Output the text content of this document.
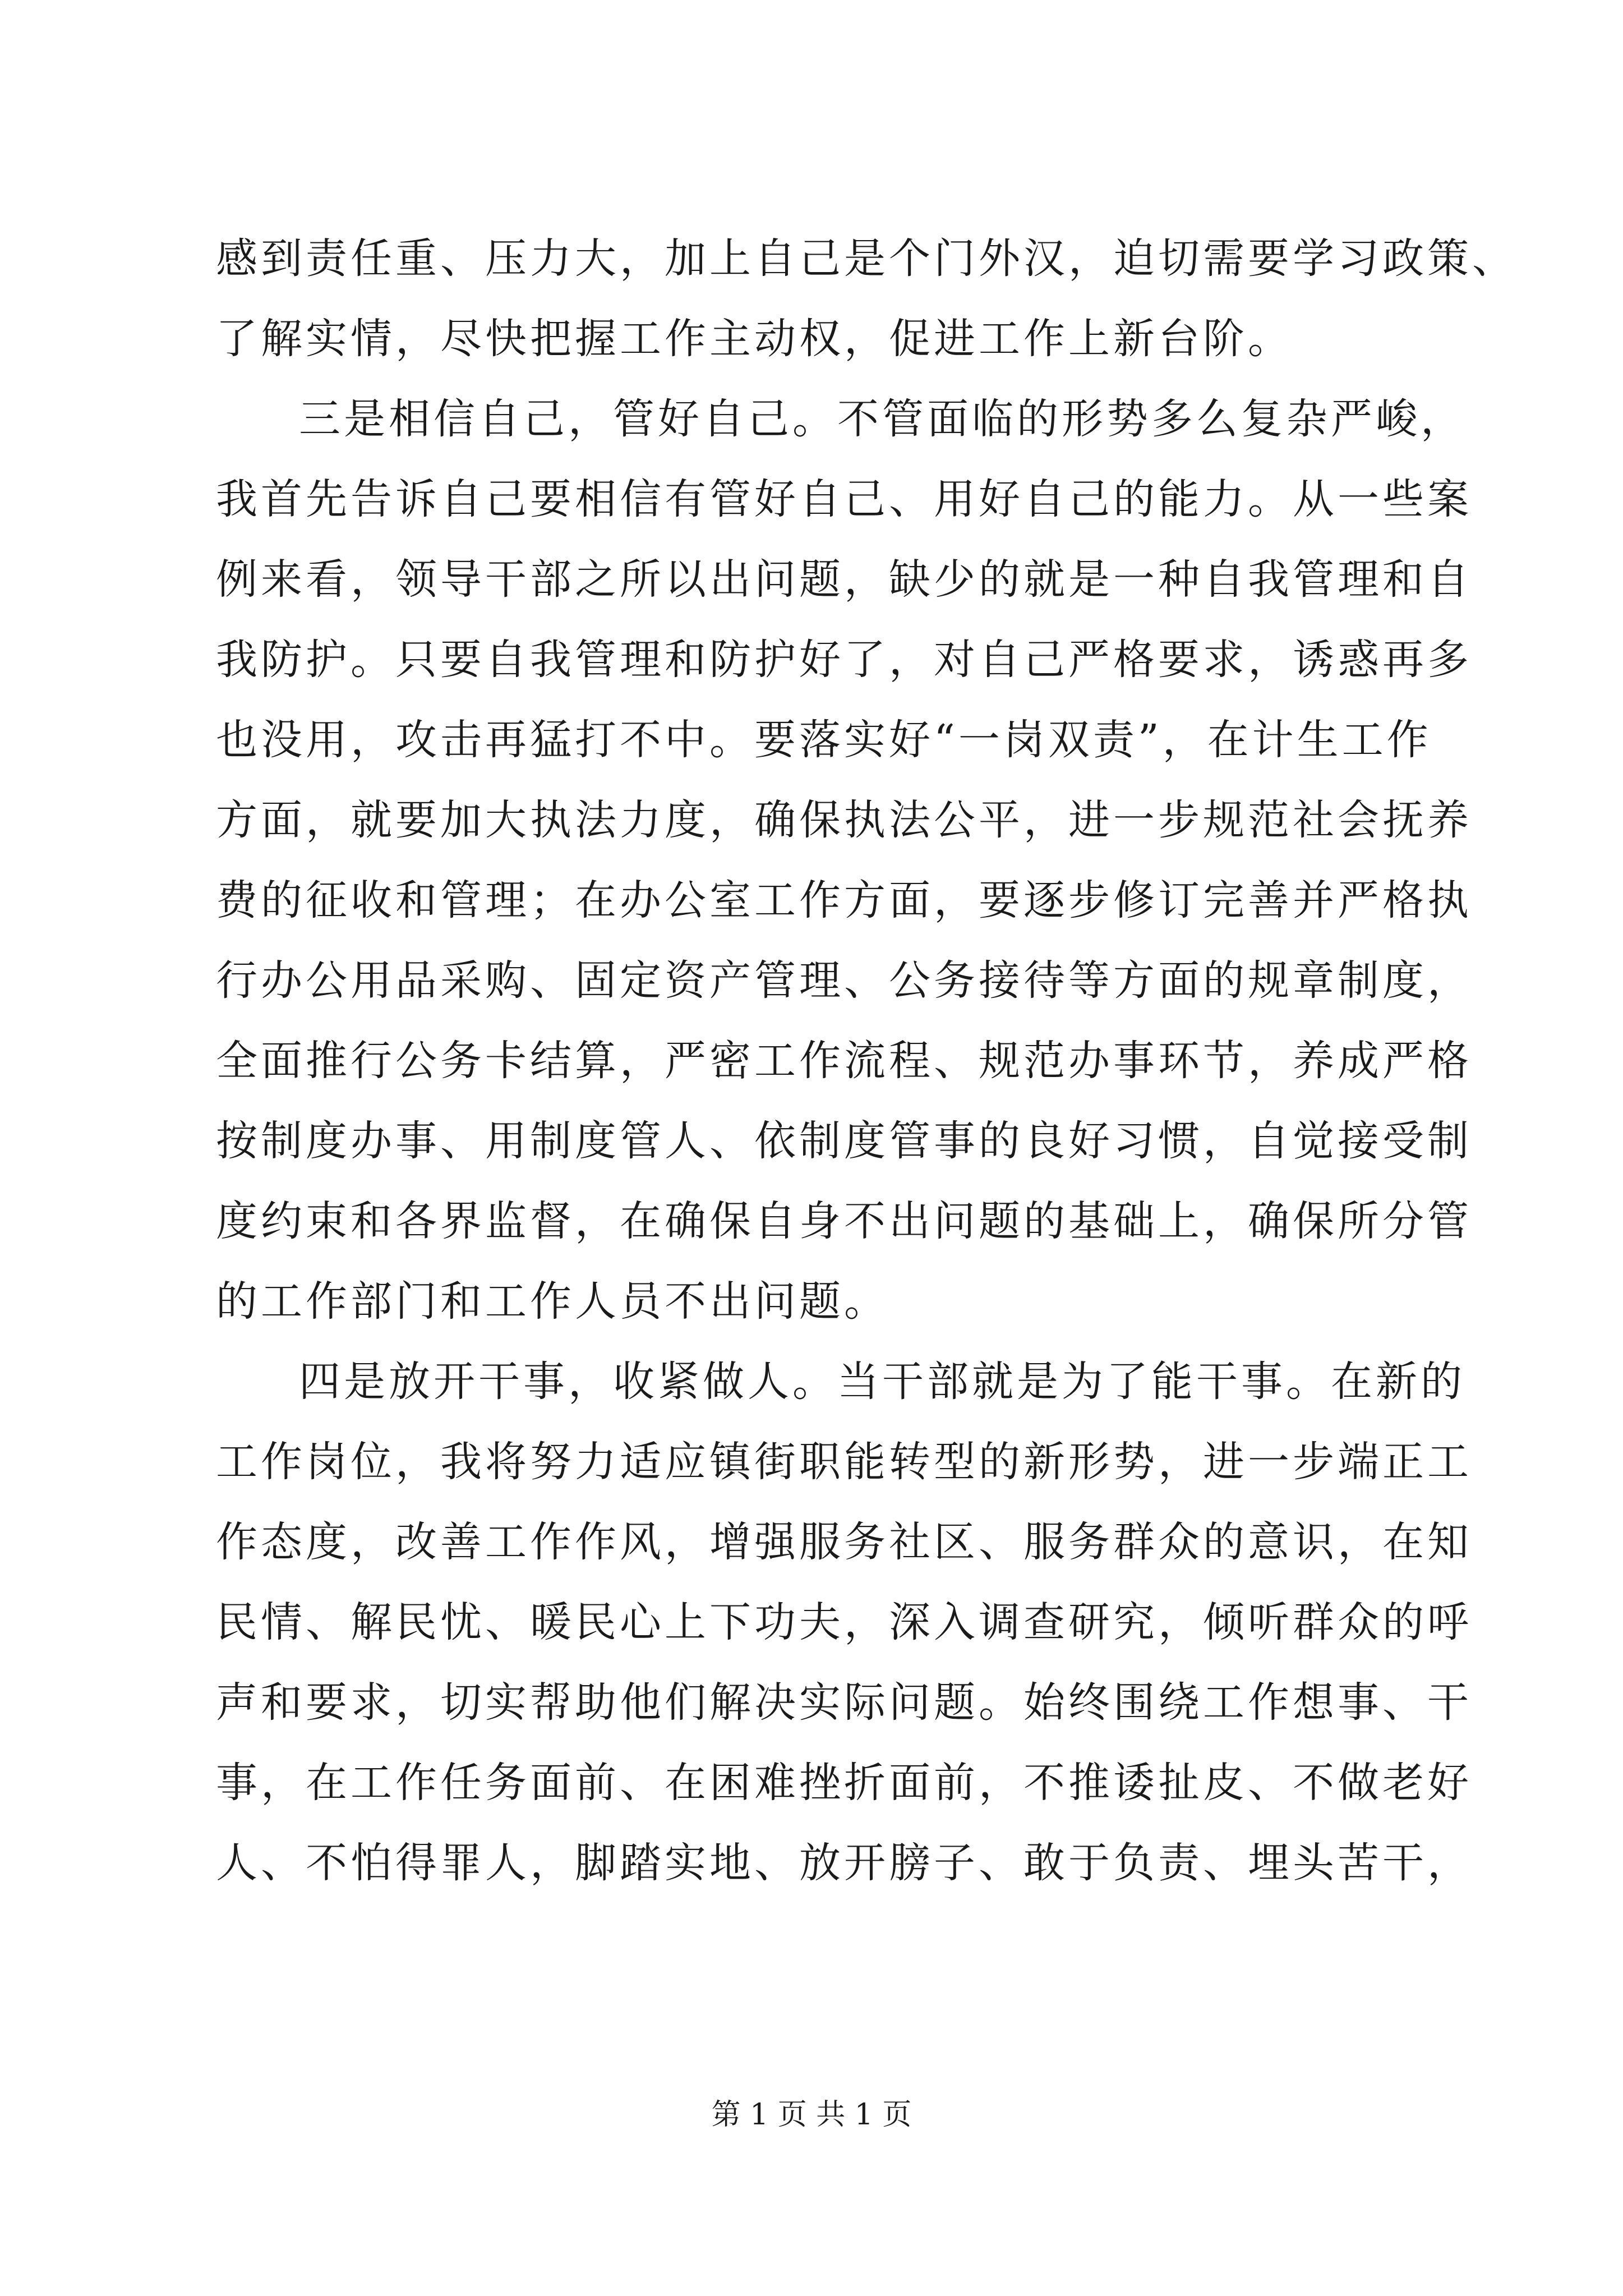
感到责任重、压力大，加上自己是个门外汉，迫切需要学习政策、
了解实情，尽快把握工作主动权，促进工作上新台阶。
三是相信自己，管好自己。不管面临的形势多么复杂严峻，
我首先告诉自己要相信有管好自己、用好自己的能力。从一些案
例来看，领导干部之所以出问题，缺少的就是一种自我管理和自
我防护。只要自我管理和防护好了，对自己严格要求，诱惑再多
也没用，攻击再猛打不中。要落实好“一岗双责”，在计生工作
方面，就要加大执法力度，确保执法公平，进一步规范社会抚养
费的征收和管理；在办公室工作方面，要逐步修订完善并严格执
行办公用品采购、固定资产管理、公务接待等方面的规章制度，
全面推行公务卡结算，严密工作流程、规范办事环节，养成严格
按制度办事、用制度管人、依制度管事的良好习惯，自觉接受制
度约束和各界监督，在确保自身不出问题的基础上，确保所分管
的工作部门和工作人员不出问题。
四是放开干事，收紧做人。当干部就是为了能干事。在新的
工作岗位，我将努力适应镇街职能转型的新形势，进一步端正工
作态度，改善工作作风，增强服务社区、服务群众的意识，在知
民情、解民忧、暖民心上下功夫，深入调查研究，倾听群众的呼
声和要求，切实帮助他们解决实际问题。始终围绕工作想事、干
事，在工作任务面前、在困难挫折面前，不推诿扯皮、不做老好
人、不怕得罪人，脚踏实地、放开膀子、敢于负责、埋头苦干，
第 1 页 共 1 页
